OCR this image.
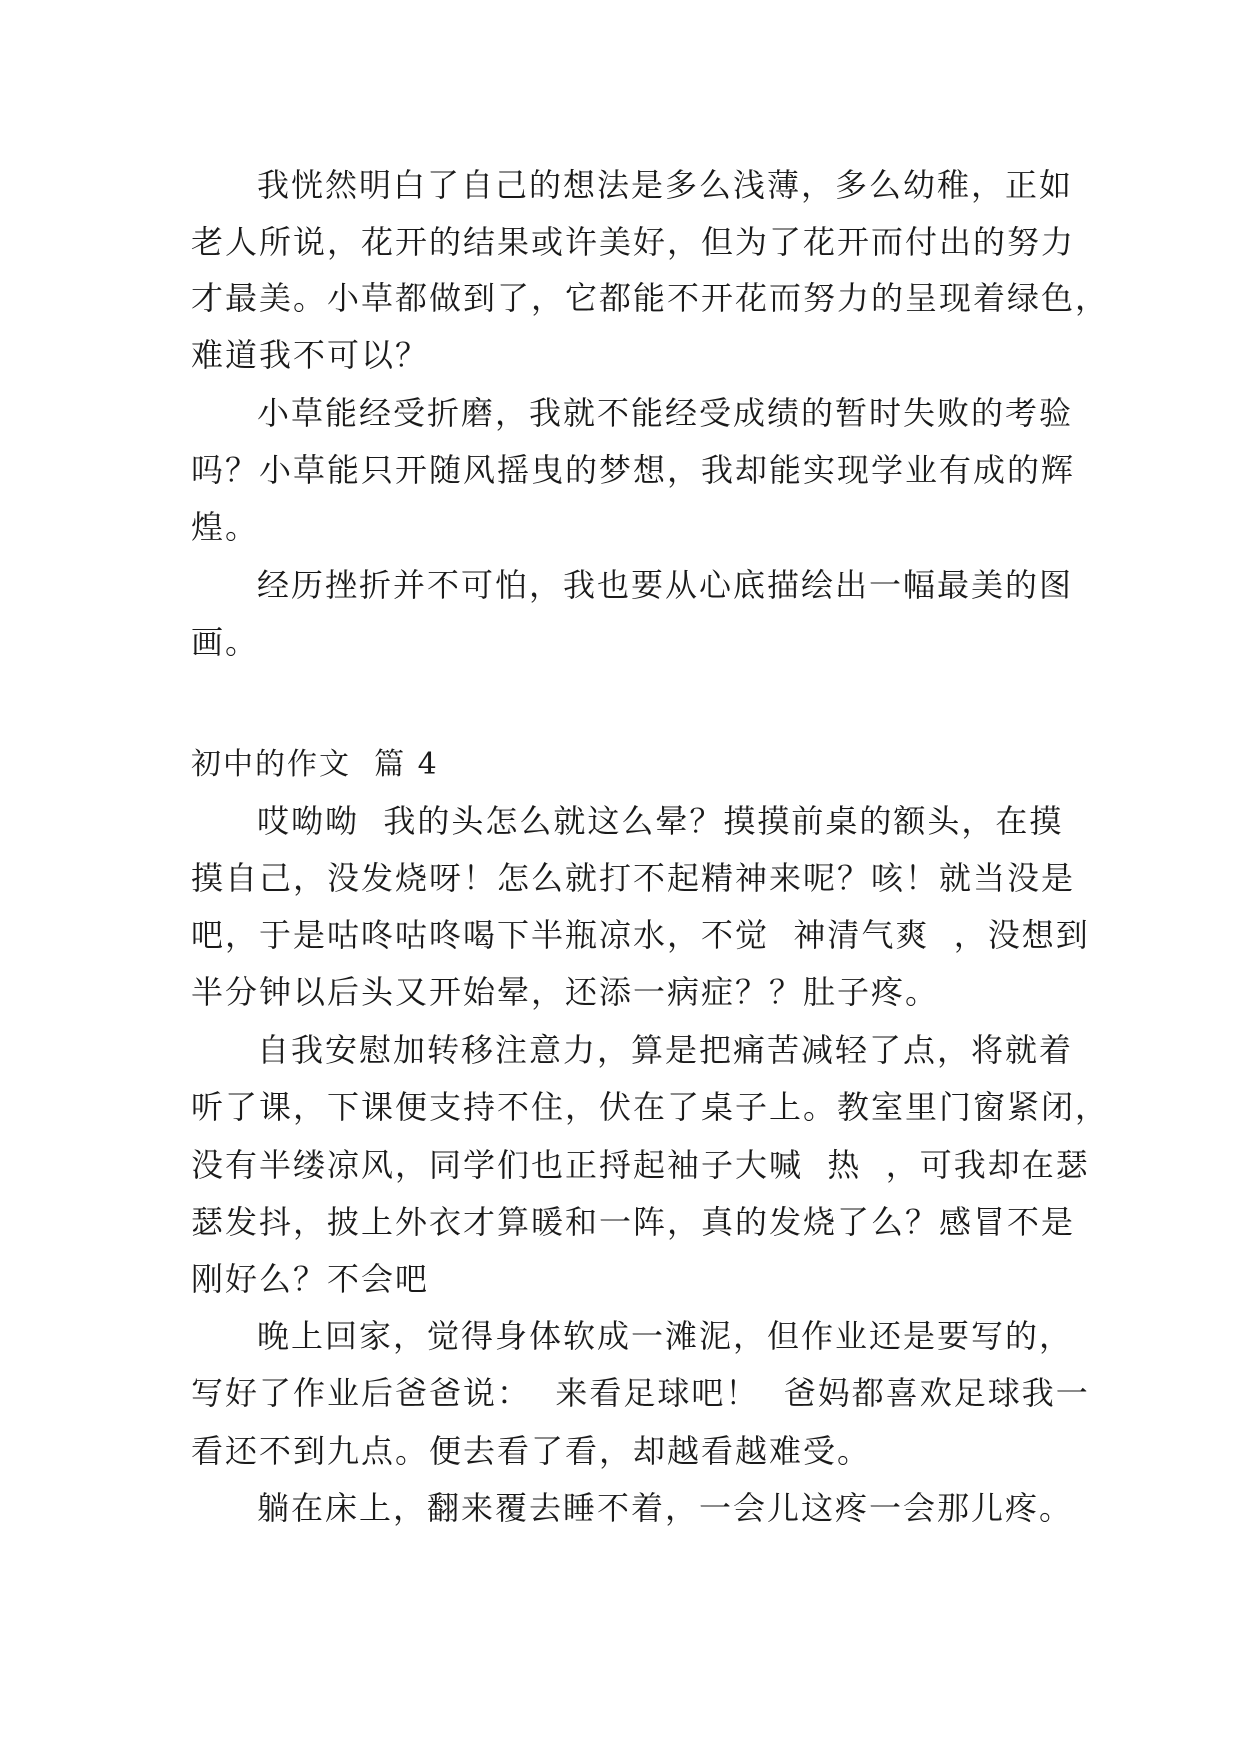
我恍然明白了自己的想法是多么浅薄，多么幼稚，正如

老人所说，花开的结果或许美好，但为了花开而付出的努力

才最美。小草都做到了，它都能不开花而努力的呈现着绿色，

难道我不可以？

小草能经受折磨，我就不能经受成绩的暂时失败的考验

吗？小草能只开随风摇曳的梦想，我却能实现学业有成的辉

煌。

经历挫折并不可怕，我也要从心底描绘出一幅最美的图

画。

初中的作文  篇 4

哎呦呦  我的头怎么就这么晕？摸摸前桌的额头，在摸

摸自己，没发烧呀！怎么就打不起精神来呢？咳！就当没是

吧，于是咕咚咕咚喝下半瓶凉水，不觉  神清气爽  ，没想到

半分钟以后头又开始晕，还添一病症？？肚子疼。

自我安慰加转移注意力，算是把痛苦减轻了点，将就着

听了课，下课便支持不住，伏在了桌子上。教室里门窗紧闭，

没有半缕凉风，同学们也正捋起袖子大喊  热  ，可我却在瑟

瑟发抖，披上外衣才算暖和一阵，真的发烧了么？感冒不是

刚好么？不会吧

晚上回家，觉得身体软成一滩泥，但作业还是要写的，

写好了作业后爸爸说：  来看足球吧！  爸妈都喜欢足球我一

看还不到九点。便去看了看，却越看越难受。

躺在床上，翻来覆去睡不着，一会儿这疼一会那儿疼。
